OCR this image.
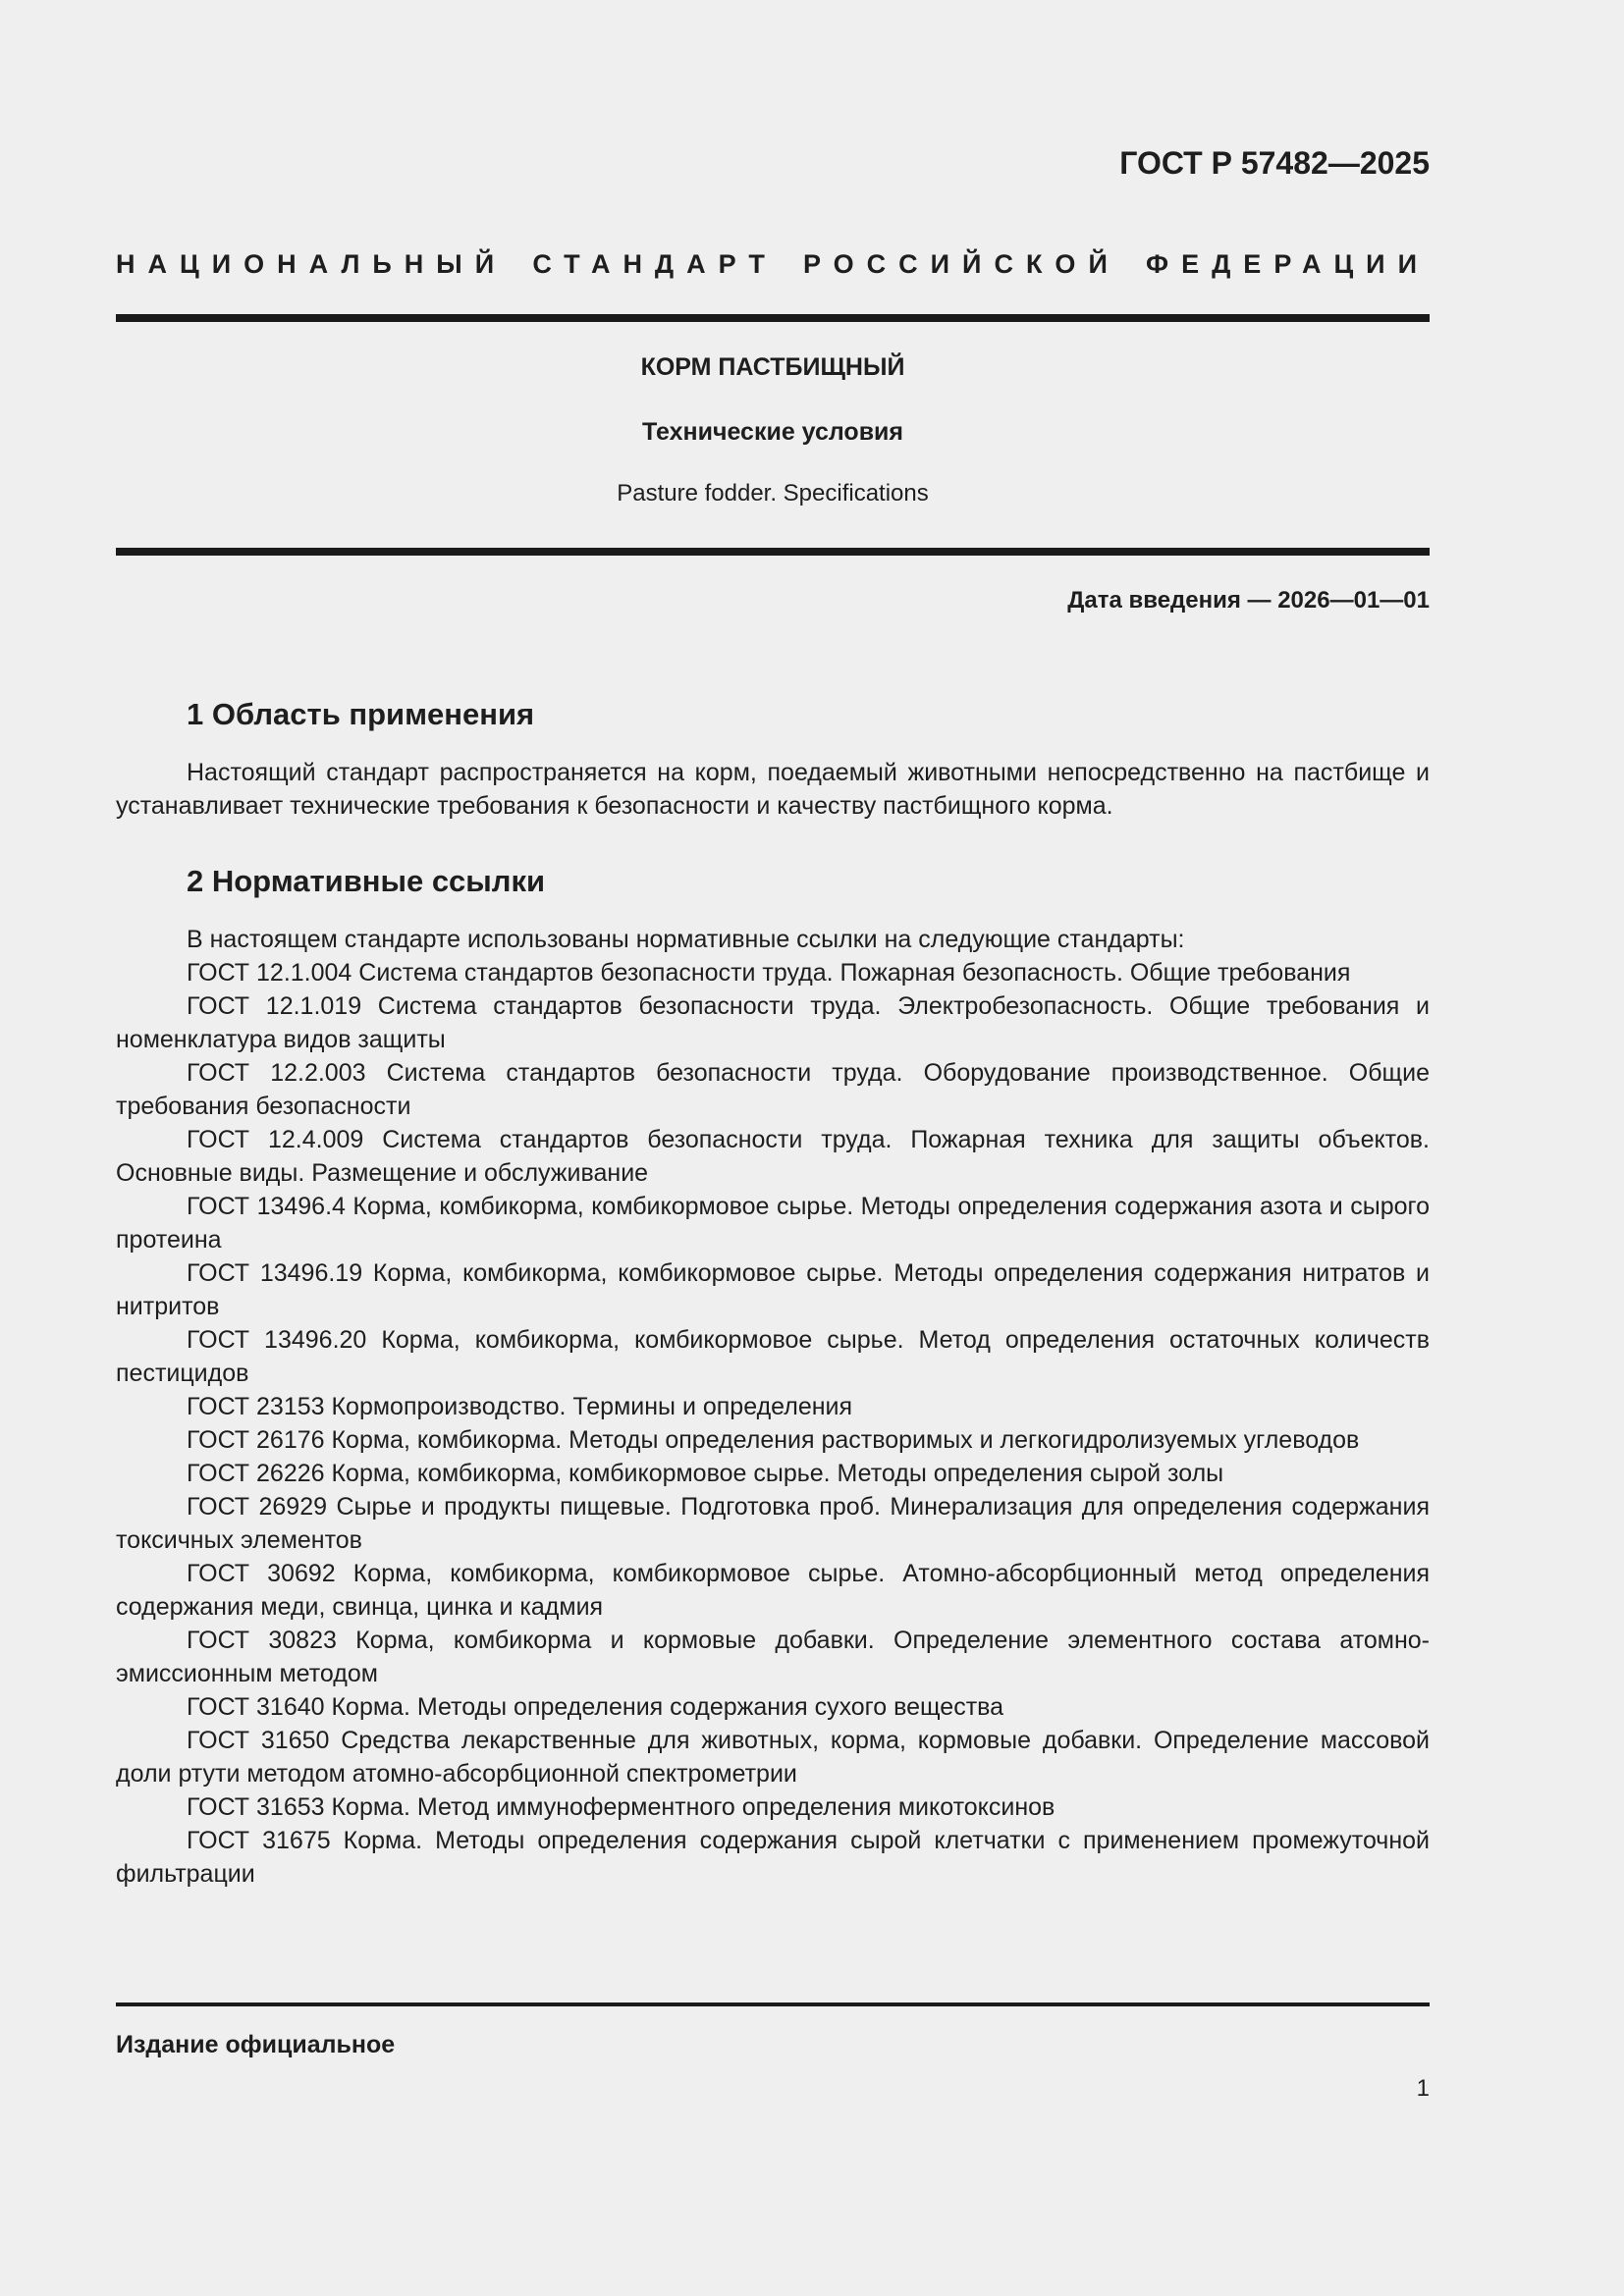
ГОСТ Р 57482—2025
НАЦИОНАЛЬНЫЙ СТАНДАРТ РОССИЙСКОЙ ФЕДЕРАЦИИ
КОРМ ПАСТБИЩНЫЙ
Технические условия
Pasture fodder. Specifications
Дата введения — 2026—01—01
1 Область применения

Настоящий стандарт распространяется на корм, поедаемый животными непосредственно на пастбище и устанавливает технические требования к безопасности и качеству пастбищного корма.

2 Нормативные ссылки

В настоящем стандарте использованы нормативные ссылки на следующие стандарты:

ГОСТ 12.1.004 Система стандартов безопасности труда. Пожарная безопасность. Общие требования

ГОСТ 12.1.019 Система стандартов безопасности труда. Электробезопасность. Общие требования и номенклатура видов защиты

ГОСТ 12.2.003 Система стандартов безопасности труда. Оборудование производственное. Общие требования безопасности

ГОСТ 12.4.009 Система стандартов безопасности труда. Пожарная техника для защиты объектов. Основные виды. Размещение и обслуживание

ГОСТ 13496.4 Корма, комбикорма, комбикормовое сырье. Методы определения содержания азота и сырого протеина

ГОСТ 13496.19 Корма, комбикорма, комбикормовое сырье. Методы определения содержания нитратов и нитритов

ГОСТ 13496.20 Корма, комбикорма, комбикормовое сырье. Метод определения остаточных количеств пестицидов

ГОСТ 23153 Кормопроизводство. Термины и определения

ГОСТ 26176 Корма, комбикорма. Методы определения растворимых и легкогидролизуемых углеводов

ГОСТ 26226 Корма, комбикорма, комбикормовое сырье. Методы определения сырой золы

ГОСТ 26929 Сырье и продукты пищевые. Подготовка проб. Минерализация для определения содержания токсичных элементов

ГОСТ 30692 Корма, комбикорма, комбикормовое сырье. Атомно-абсорбционный метод определения содержания меди, свинца, цинка и кадмия

ГОСТ 30823 Корма, комбикорма и кормовые добавки. Определение элементного состава атомно-эмиссионным методом

ГОСТ 31640 Корма. Методы определения содержания сухого вещества

ГОСТ 31650 Средства лекарственные для животных, корма, кормовые добавки. Определение массовой доли ртути методом атомно-абсорбционной спектрометрии

ГОСТ 31653 Корма. Метод иммуноферментного определения микотоксинов

ГОСТ 31675 Корма. Методы определения содержания сырой клетчатки с применением промежуточной фильтрации

Издание официальное
1
